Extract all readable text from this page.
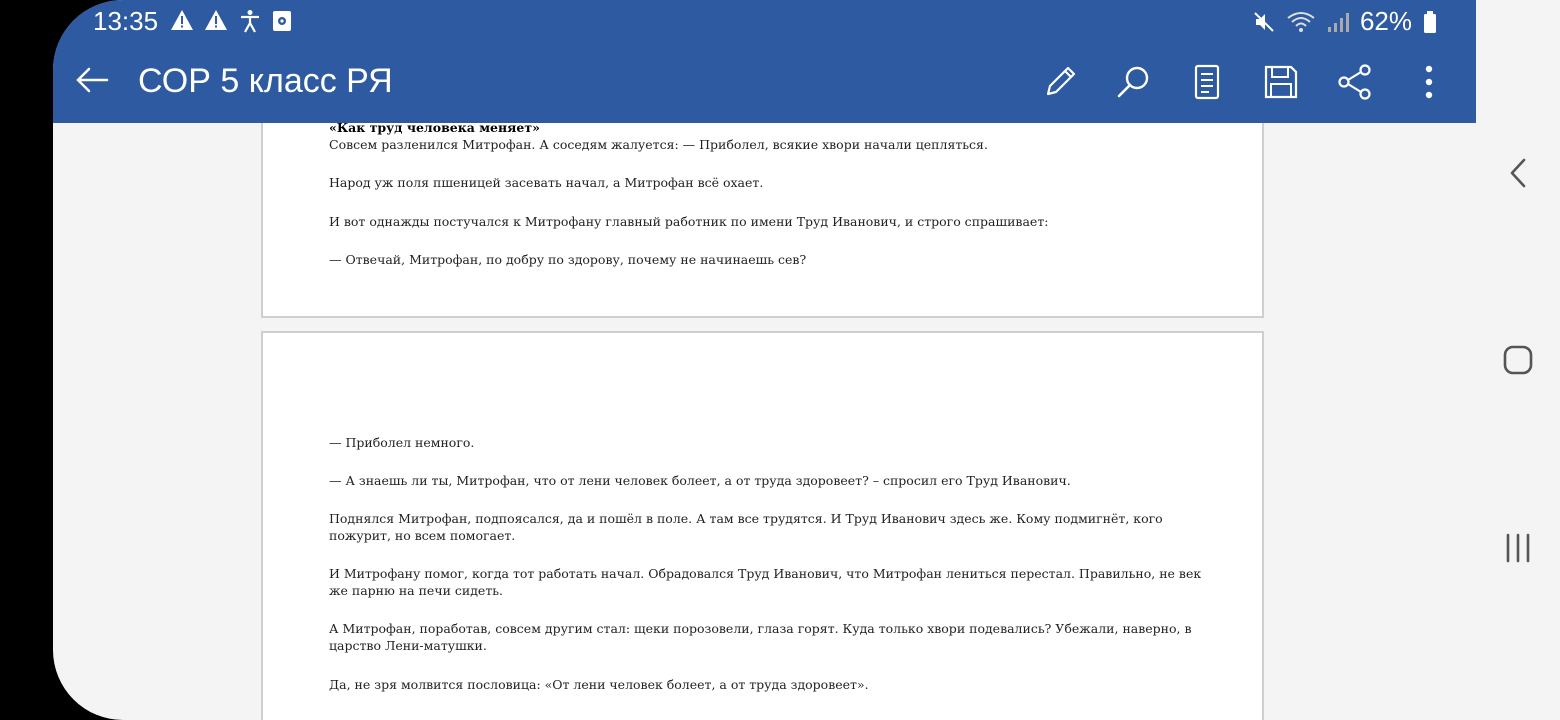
13:35	62%
СОР 5 класс РЯ
«Как труд человека меняет»
Совсем разленился Митрофан. А соседям жалуется: — Приболел, всякие хвори начали цепляться.
Народ уж поля пшеницей засевать начал, а Митрофан всё охает.
И вот однажды постучался к Митрофану главный работник по имени Труд Иванович, и строго спрашивает:
— Отвечай, Митрофан, по добру по здорову, почему не начинаешь сев?
— Приболел немного.
— А знаешь ли ты, Митрофан, что от лени человек болеет, а от труда здоровеет? – спросил его Труд Иванович.
Поднялся Митрофан, подпоясался, да и пошёл в поле. А там все трудятся. И Труд Иванович здесь же. Кому подмигнёт, кого пожурит, но всем помогает.
И Митрофану помог, когда тот работать начал. Обрадовался Труд Иванович, что Митрофан лениться перестал. Правильно, не век же парню на печи сидеть.
А Митрофан, поработав, совсем другим стал: щеки порозовели, глаза горят. Куда только хвори подевались? Убежали, наверно, в царство Лени-матушки.
Да, не зря молвится пословица: «От лени человек болеет, а от труда здоровеет».
